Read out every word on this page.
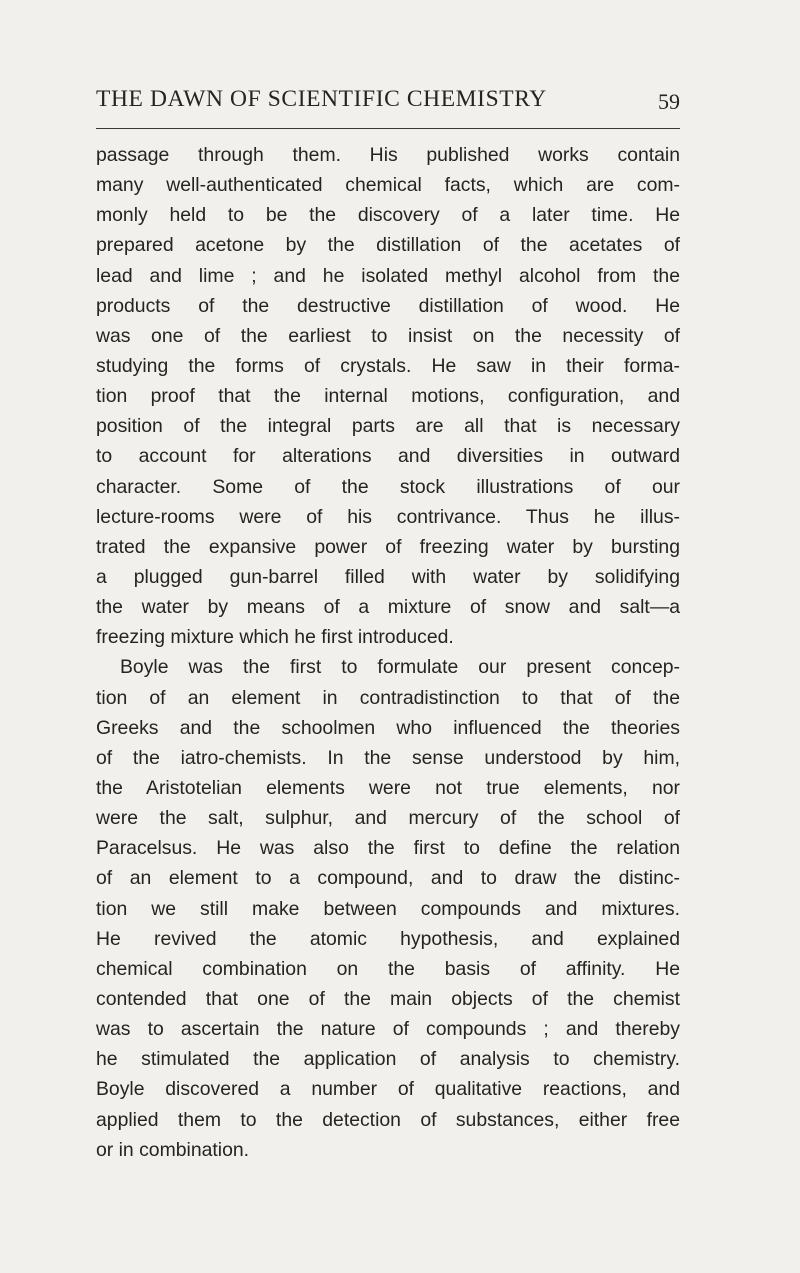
THE DAWN OF SCIENTIFIC CHEMISTRY	59
passage through them. His published works contain
many well-authenticated chemical facts, which are com-
monly held to be the discovery of a later time. He
prepared acetone by the distillation of the acetates of
lead and lime ; and he isolated methyl alcohol from the
products of the destructive distillation of wood. He
was one of the earliest to insist on the necessity of
studying the forms of crystals. He saw in their forma-
tion proof that the internal motions, configuration, and
position of the integral parts are all that is necessary
to account for alterations and diversities in outward
character. Some of the stock illustrations of our
lecture-rooms were of his contrivance. Thus he illus-
trated the expansive power of freezing water by bursting
a plugged gun-barrel filled with water by solidifying
the water by means of a mixture of snow and salt—a
freezing mixture which he first introduced.
Boyle was the first to formulate our present concep-
tion of an element in contradistinction to that of the
Greeks and the schoolmen who influenced the theories
of the iatro-chemists. In the sense understood by him,
the Aristotelian elements were not true elements, nor
were the salt, sulphur, and mercury of the school of
Paracelsus. He was also the first to define the relation
of an element to a compound, and to draw the distinc-
tion we still make between compounds and mixtures.
He revived the atomic hypothesis, and explained
chemical combination on the basis of affinity. He
contended that one of the main objects of the chemist
was to ascertain the nature of compounds ; and thereby
he stimulated the application of analysis to chemistry.
Boyle discovered a number of qualitative reactions, and
applied them to the detection of substances, either free
or in combination.
